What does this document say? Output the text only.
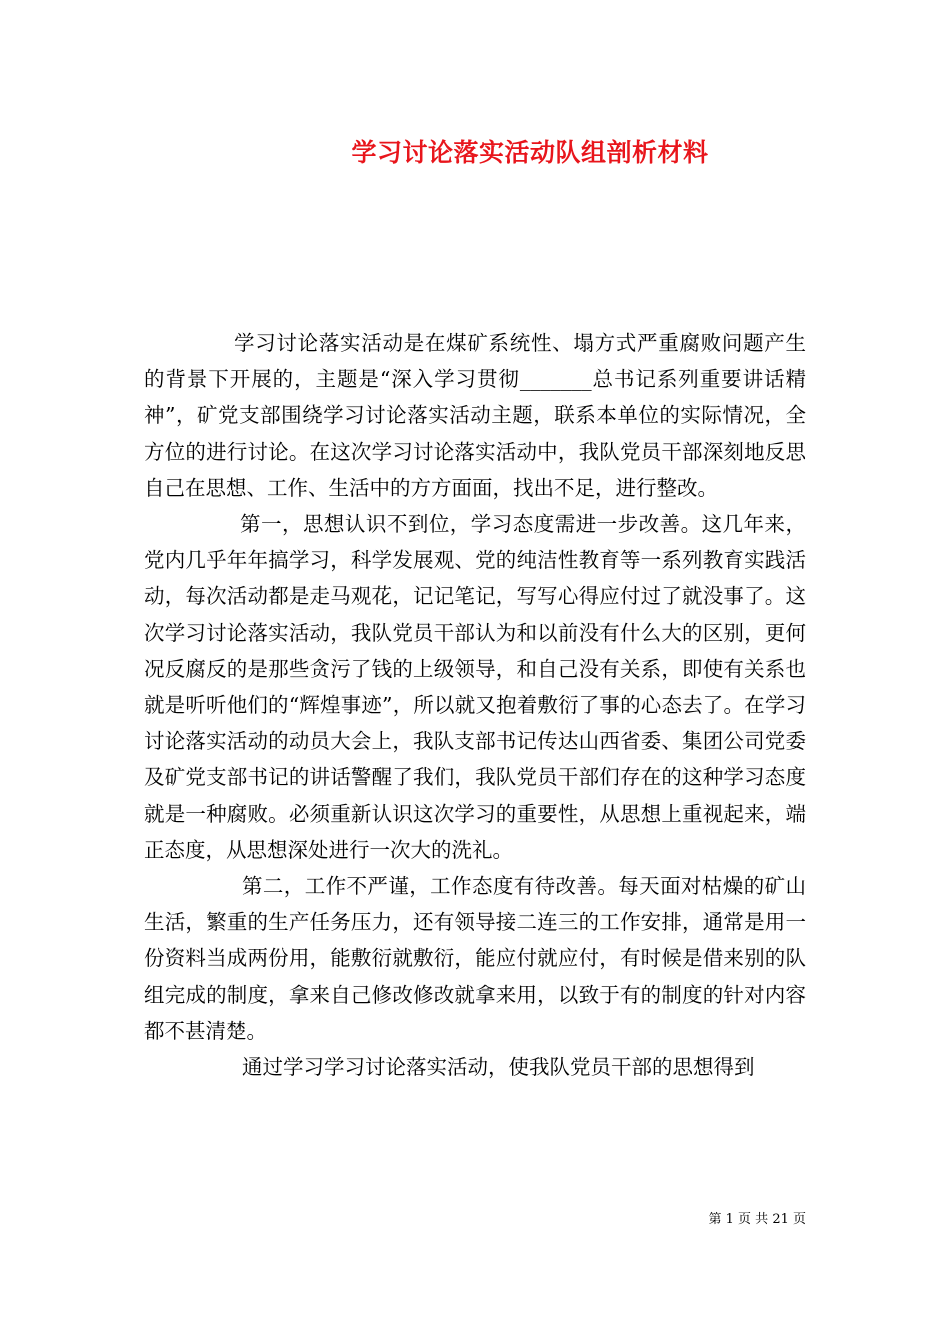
学习讨论落实活动队组剖析材料

学习讨论落实活动是在煤矿系统性、塌方式严重腐败问题产生的背景下开展的，主题是“深入学习贯彻_______总书记系列重要讲话精神”，矿党支部围绕学习讨论落实活动主题，联系本单位的实际情况，全方位的进行讨论。在这次学习讨论落实活动中，我队党员干部深刻地反思自己在思想、工作、生活中的方方面面，找出不足，进行整改。

第一，思想认识不到位，学习态度需进一步改善。这几年来，党内几乎年年搞学习，科学发展观、党的纯洁性教育等一系列教育实践活动，每次活动都是走马观花，记记笔记，写写心得应付过了就没事了。这次学习讨论落实活动，我队党员干部认为和以前没有什么大的区别，更何况反腐反的是那些贪污了钱的上级领导，和自己没有关系，即使有关系也就是听听他们的“辉煌事迹”，所以就又抱着敷衍了事的心态去了。在学习讨论落实活动的动员大会上，我队支部书记传达山西省委、集团公司党委及矿党支部书记的讲话警醒了我们，我队党员干部们存在的这种学习态度就是一种腐败。必须重新认识这次学习的重要性，从思想上重视起来，端正态度，从思想深处进行一次大的洗礼。

第二，工作不严谨，工作态度有待改善。每天面对枯燥的矿山生活，繁重的生产任务压力，还有领导接二连三的工作安排，通常是用一份资料当成两份用，能敷衍就敷衍，能应付就应付，有时候是借来别的队组完成的制度，拿来自己修改修改就拿来用，以致于有的制度的针对内容都不甚清楚。

通过学习学习讨论落实活动，使我队党员干部的思想得到

第 1 页 共 21 页
